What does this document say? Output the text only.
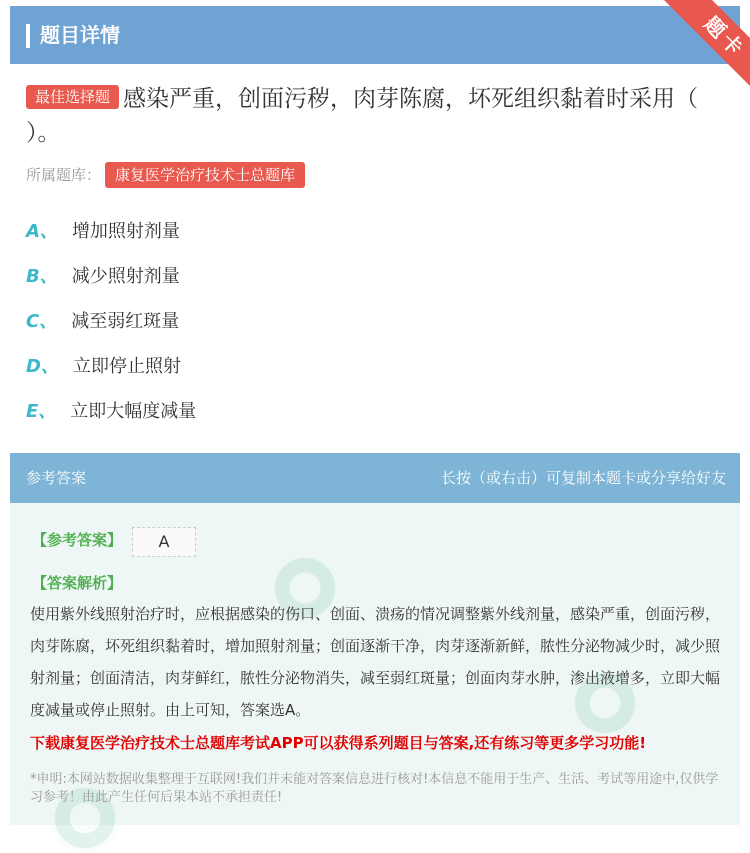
题目详情
最佳选择题 感染严重，创面污秽，肉芽陈腐，坏死组织黏着时采用（ ）。
所属题库： 康复医学治疗技术士总题库
A、 增加照射剂量
B、 减少照射剂量
C、 减至弱红斑量
D、 立即停止照射
E、 立即大幅度减量
参考答案	长按（或右击）可复制本题卡或分享给好友
【参考答案】	A
【答案解析】
使用紫外线照射治疗时，应根据感染的伤口、创面、溃疡的情况调整紫外线剂量，感染严重，创面污秽，肉芽陈腐，坏死组织黏着时，增加照射剂量；创面逐渐干净，肉芽逐渐新鲜，脓性分泌物减少时，减少照射剂量；创面清洁，肉芽鲜红，脓性分泌物消失，减至弱红斑量；创面肉芽水肿，渗出液增多，立即大幅度减量或停止照射。由上可知，答案选A。
下载康复医学治疗技术士总题库考试APP可以获得系列题目与答案,还有练习等更多学习功能!
*申明:本网站数据收集整理于互联网!我们并未能对答案信息进行核对!本信息不能用于生产、生活、考试等用途中,仅供学习参考！由此产生任何后果本站不承担责任!
题卡
